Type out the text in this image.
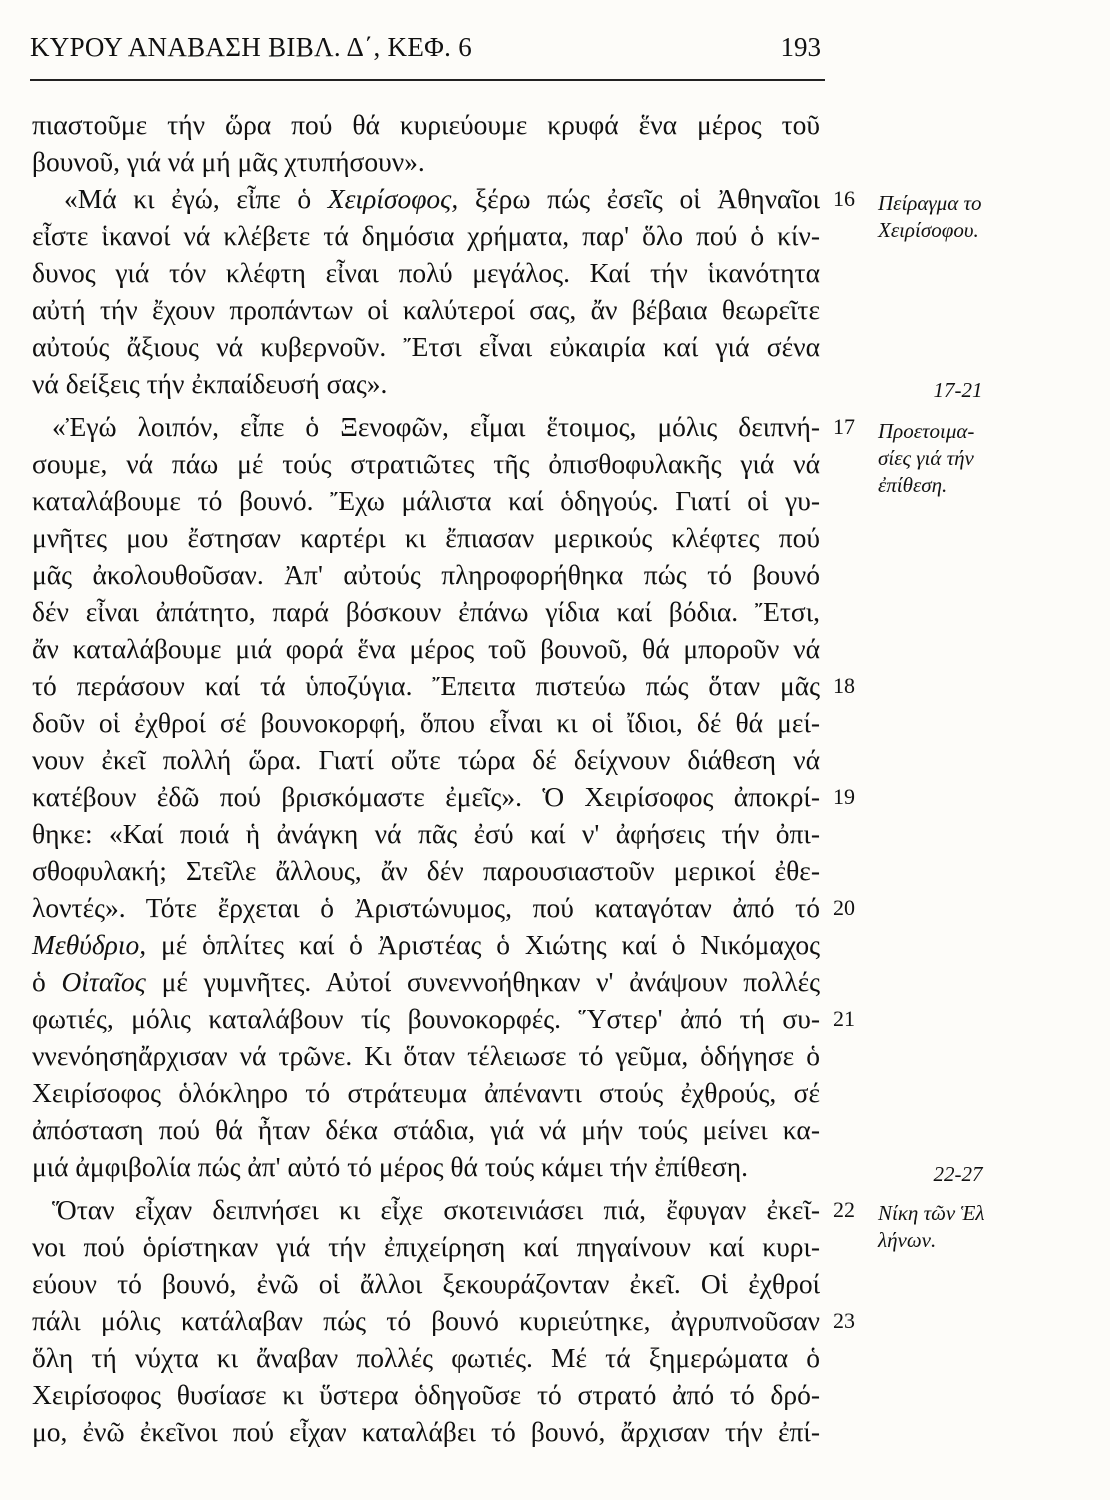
ΚΥΡΟΥ ΑΝΑΒΑΣΗ ΒΙΒΛ. Δ΄, ΚΕΦ. 6	193
πιαστοῦμε τήν ὥρα πού θά κυριεύουμε κρυφά ἕνα μέρος τοῦ
βουνοῦ, γιά νά μή μᾶς χτυπήσουν».
«Μά κι ἐγώ, εἶπε ὁ Χειρίσοφος, ξέρω πώς ἐσεῖς οἱ Ἀθηναῖοι
εἶστε ἱκανοί νά κλέβετε τά δημόσια χρήματα, παρ' ὅλο πού ὁ κίν-
δυνος γιά τόν κλέφτη εἶναι πολύ μεγάλος. Καί τήν ἱκανότητα
αὐτή τήν ἔχουν προπάντων οἱ καλύτεροί σας, ἄν βέβαια θεωρεῖτε
αὐτούς ἄξιους νά κυβερνοῦν. Ἔτσι εἶναι εὐκαιρία καί γιά σένα
νά δείξεις τήν ἐκπαίδευσή σας».
«Ἐγώ λοιπόν, εἶπε ὁ Ξενοφῶν, εἶμαι ἕτοιμος, μόλις δειπνή-
σουμε, νά πάω μέ τούς στρατιῶτες τῆς ὀπισθοφυλακῆς γιά νά
καταλάβουμε τό βουνό. Ἔχω μάλιστα καί ὁδηγούς. Γιατί οἱ γυ-
μνῆτες μου ἔστησαν καρτέρι κι ἔπιασαν μερικούς κλέφτες πού
μᾶς ἀκολουθοῦσαν. Ἀπ' αὐτούς πληροφορήθηκα πώς τό βουνό
δέν εἶναι ἀπάτητο, παρά βόσκουν ἐπάνω γίδια καί βόδια. Ἔτσι,
ἄν καταλάβουμε μιά φορά ἕνα μέρος τοῦ βουνοῦ, θά μποροῦν νά
τό περάσουν καί τά ὑποζύγια. Ἔπειτα πιστεύω πώς ὅταν μᾶς
δοῦν οἱ ἐχθροί σέ βουνοκορφή, ὅπου εἶναι κι οἱ ἴδιοι, δέ θά μεί-
νουν ἐκεῖ πολλή ὥρα. Γιατί οὔτε τώρα δέ δείχνουν διάθεση νά
κατέβουν ἐδῶ πού βρισκόμαστε ἐμεῖς». Ὁ Χειρίσοφος ἀποκρί-
θηκε: «Καί ποιά ἡ ἀνάγκη νά πᾶς ἐσύ καί ν' ἀφήσεις τήν ὀπι-
σθοφυλακή; Στεῖλε ἄλλους, ἄν δέν παρουσιαστοῦν μερικοί ἐθε-
λοντές». Τότε ἔρχεται ὁ Ἀριστώνυμος, πού καταγόταν ἀπό τό
Μεθύδριο, μέ ὁπλίτες καί ὁ Ἀριστέας ὁ Χιώτης καί ὁ Νικόμαχος
ὁ Οἰταῖος μέ γυμνῆτες. Αὐτοί συνεννοήθηκαν ν' ἀνάψουν πολλές
φωτιές, μόλις καταλάβουν τίς βουνοκορφές. Ὕστερ' ἀπό τή συ-
ννενόησηἄρχισαν νά τρῶνε. Κι ὅταν τέλειωσε τό γεῦμα, ὁδήγησε ὁ
Χειρίσοφος ὁλόκληρο τό στράτευμα ἀπέναντι στούς ἐχθρούς, σέ
ἀπόσταση πού θά ἦταν δέκα στάδια, γιά νά μήν τούς μείνει κα-
μιά ἀμφιβολία πώς ἀπ' αὐτό τό μέρος θά τούς κάμει τήν ἐπίθεση.
Ὅταν εἶχαν δειπνήσει κι εἶχε σκοτεινιάσει πιά, ἔφυγαν ἐκεῖ-
νοι πού ὁρίστηκαν γιά τήν ἐπιχείρηση καί πηγαίνουν καί κυρι-
εύουν τό βουνό, ἐνῶ οἱ ἄλλοι ξεκουράζονταν ἐκεῖ. Οἱ ἐχθροί
πάλι μόλις κατάλαβαν πώς τό βουνό κυριεύτηκε, ἀγρυπνοῦσαν
ὅλη τή νύχτα κι ἄναβαν πολλές φωτιές. Μέ τά ξημερώματα ὁ
Χειρίσοφος θυσίασε κι ὕστερα ὁδηγοῦσε τό στρατό ἀπό τό δρό-
μο, ἐνῶ ἐκεῖνοι πού εἶχαν καταλάβει τό βουνό, ἄρχισαν τήν ἐπί-
16
17
18
19
20
21
22
23
Πείραγμα το
Χειρίσοφου.
17-21
Προετοιμα-
σίες γιά τήν
ἐπίθεση.
22-27
Νίκη τῶν Ἑλ
λήνων.
